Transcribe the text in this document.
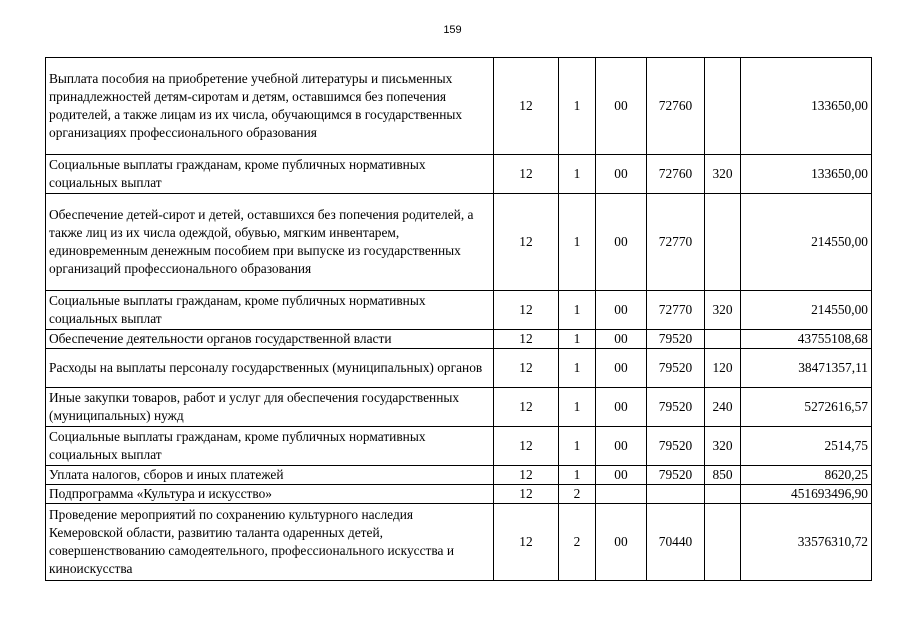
159
Выплата пособия на приобретение учебной литературы и письменных принадлежностей детям-сиротам и детям, оставшимся без попечения родителей, а также лицам из их числа, обучающимся в государственных организациях профессионального образования	12	1	00	72760		133650,00
Социальные выплаты гражданам, кроме публичных нормативных социальных выплат	12	1	00	72760	320	133650,00
Обеспечение детей-сирот и детей, оставшихся без попечения родителей, а также лиц из их числа одеждой, обувью, мягким инвентарем, единовременным денежным пособием при выпуске из государственных организаций профессионального образования	12	1	00	72770		214550,00
Социальные выплаты гражданам, кроме публичных нормативных социальных выплат	12	1	00	72770	320	214550,00
Обеспечение деятельности органов государственной власти	12	1	00	79520		43755108,68
Расходы на выплаты персоналу государственных (муниципальных) органов	12	1	00	79520	120	38471357,11
Иные закупки товаров, работ и услуг для обеспечения государственных (муниципальных) нужд	12	1	00	79520	240	5272616,57
Социальные выплаты гражданам, кроме публичных нормативных социальных выплат	12	1	00	79520	320	2514,75
Уплата налогов, сборов и иных платежей	12	1	00	79520	850	8620,25
Подпрограмма «Культура и искусство»	12	2				451693496,90
Проведение мероприятий по сохранению культурного наследия Кемеровской области, развитию таланта одаренных детей, совершенствованию самодеятельного, профессионального искусства и киноискусства	12	2	00	70440		33576310,72
